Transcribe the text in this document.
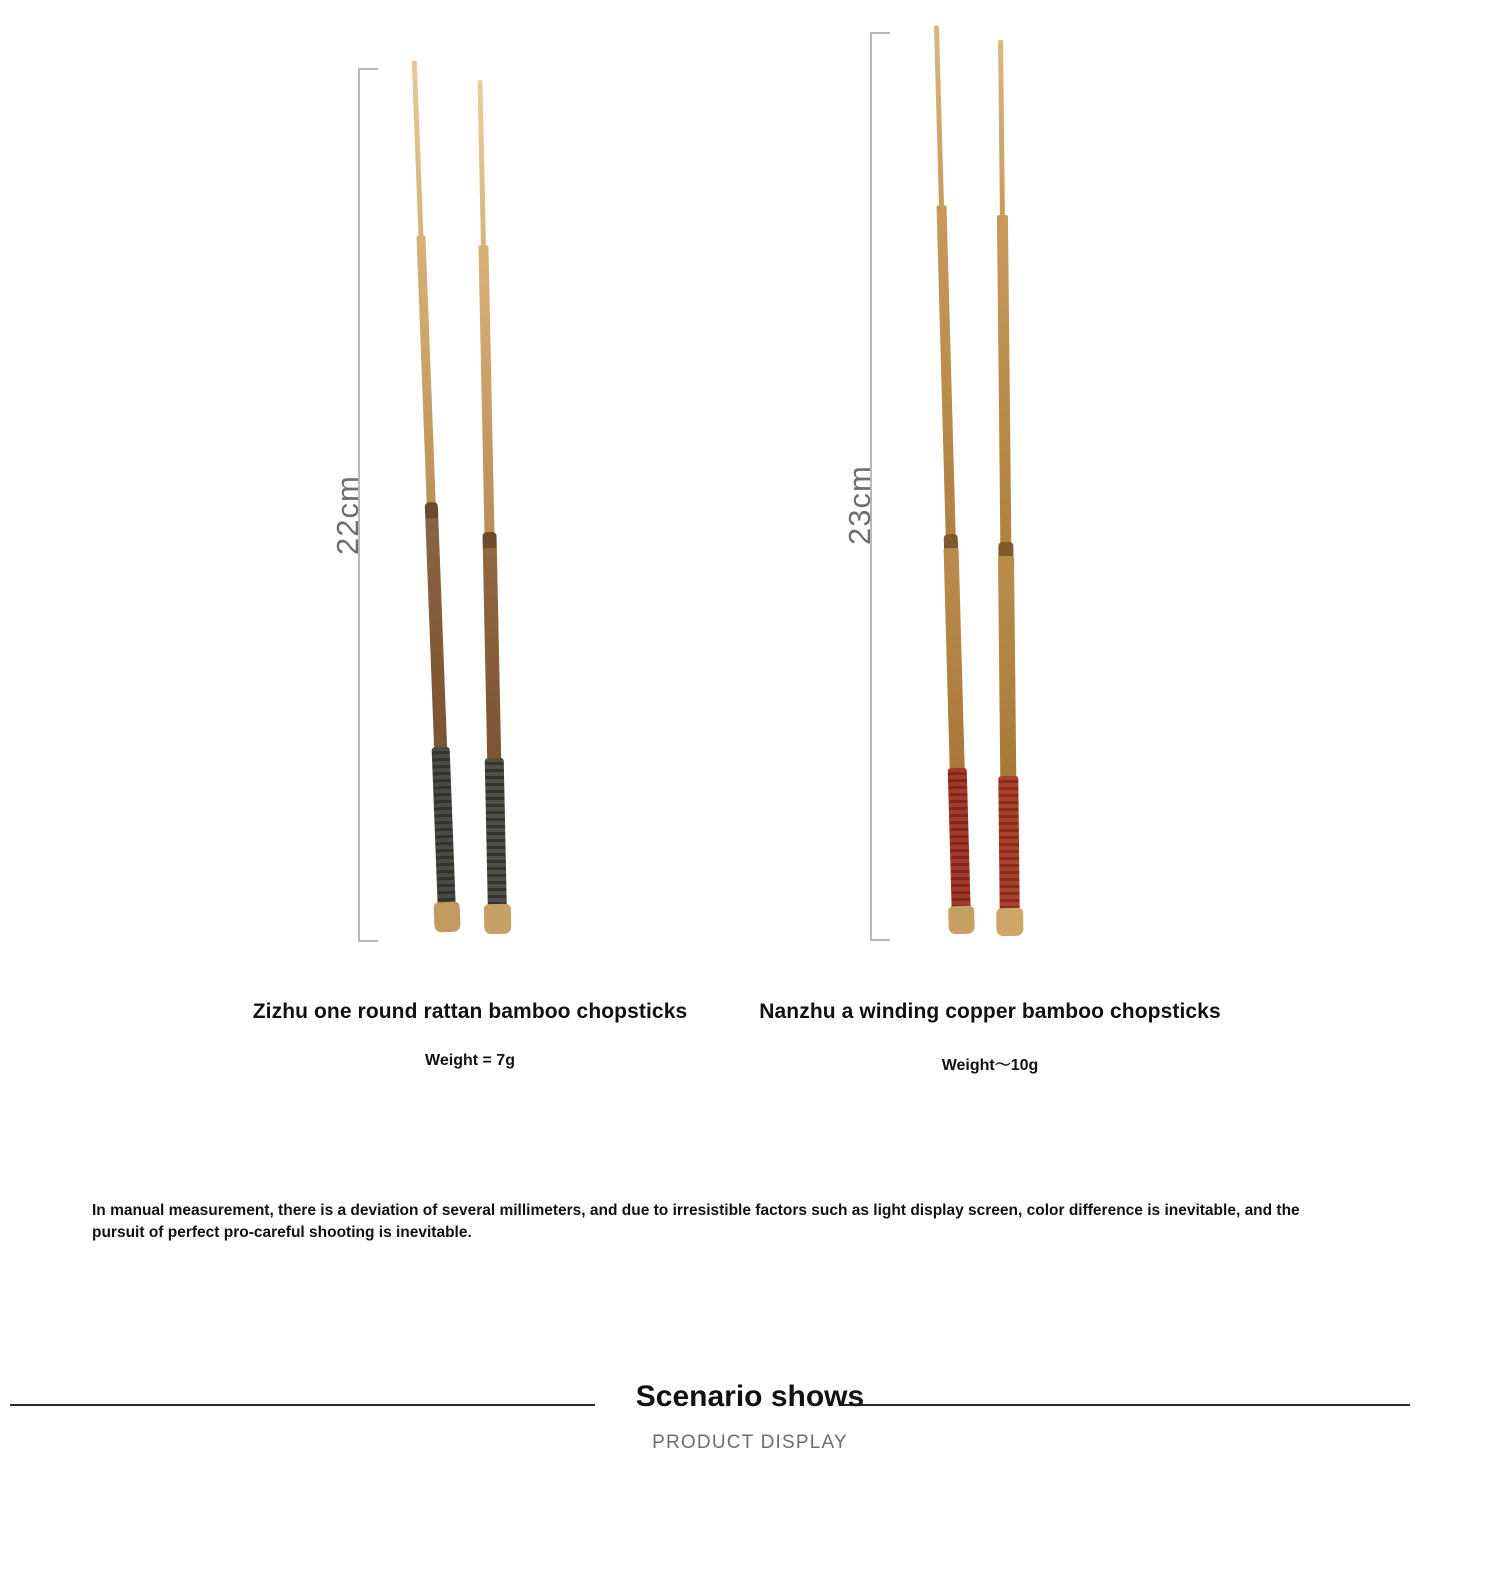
22cm
Zizhu one round rattan bamboo chopsticks
Weight = 7g
23cm
Nanzhu a winding copper bamboo chopsticks
Weight～10g
In manual measurement, there is a deviation of several millimeters, and due to irresistible factors such as light display screen, color difference is inevitable, and the pursuit of perfect pro-careful shooting is inevitable.
Scenario shows
PRODUCT DISPLAY
